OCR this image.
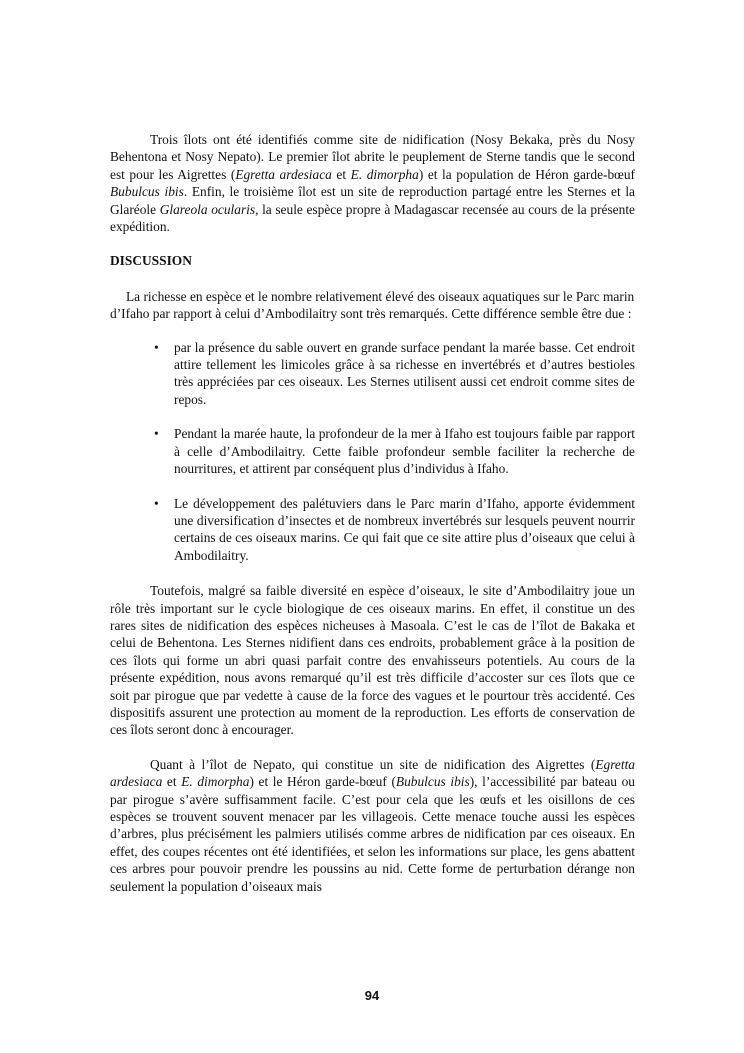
Trois îlots ont été identifiés comme site de nidification (Nosy Bekaka, près du Nosy Behentona et Nosy Nepato). Le premier îlot abrite le peuplement de Sterne tandis que le second est pour les Aigrettes (Egretta ardesiaca et E. dimorpha) et la population de Héron garde-bœuf Bubulcus ibis. Enfin, le troisième îlot est un site de reproduction partagé entre les Sternes et la Glaréole Glareola ocularis, la seule espèce propre à Madagascar recensée au cours de la présente expédition.

DISCUSSION

La richesse en espèce et le nombre relativement élevé des oiseaux aquatiques sur le Parc marin d’Ifaho par rapport à celui d’Ambodilaitry sont très remarqués. Cette différence semble être due :

• par la présence du sable ouvert en grande surface pendant la marée basse. Cet endroit attire tellement les limicoles grâce à sa richesse en invertébrés et d’autres bestioles très appréciées par ces oiseaux. Les Sternes utilisent aussi cet endroit comme sites de repos.
• Pendant la marée haute, la profondeur de la mer à Ifaho est toujours faible par rapport à celle d’Ambodilaitry. Cette faible profondeur semble faciliter la recherche de nourritures, et attirent par conséquent plus d’individus à Ifaho.
• Le développement des palétuviers dans le Parc marin d’Ifaho, apporte évidemment une diversification d’insectes et de nombreux invertébrés sur lesquels peuvent nourrir certains de ces oiseaux marins. Ce qui fait que ce site attire plus d’oiseaux que celui à Ambodilaitry.

Toutefois, malgré sa faible diversité en espèce d’oiseaux, le site d’Ambodilaitry joue un rôle très important sur le cycle biologique de ces oiseaux marins. En effet, il constitue un des rares sites de nidification des espèces nicheuses à Masoala. C’est le cas de l’îlot de Bakaka et celui de Behentona. Les Sternes nidifient dans ces endroits, probablement grâce à la position de ces îlots qui forme un abri quasi parfait contre des envahisseurs potentiels. Au cours de la présente expédition, nous avons remarqué qu’il est très difficile d’accoster sur ces îlots que ce soit par pirogue que par vedette à cause de la force des vagues et le pourtour très accidenté. Ces dispositifs assurent une protection au moment de la reproduction. Les efforts de conservation de ces îlots seront donc à encourager.

Quant à l’îlot de Nepato, qui constitue un site de nidification des Aigrettes (Egretta ardesiaca et E. dimorpha) et le Héron garde-bœuf (Bubulcus ibis), l’accessibilité par bateau ou par pirogue s’avère suffisamment facile. C’est pour cela que les œufs et les oisillons de ces espèces se trouvent souvent menacer par les villageois. Cette menace touche aussi les espèces d’arbres, plus précisément les palmiers utilisés comme arbres de nidification par ces oiseaux. En effet, des coupes récentes ont été identifiées, et selon les informations sur place, les gens abattent ces arbres pour pouvoir prendre les poussins au nid. Cette forme de perturbation dérange non seulement la population d’oiseaux mais

94
